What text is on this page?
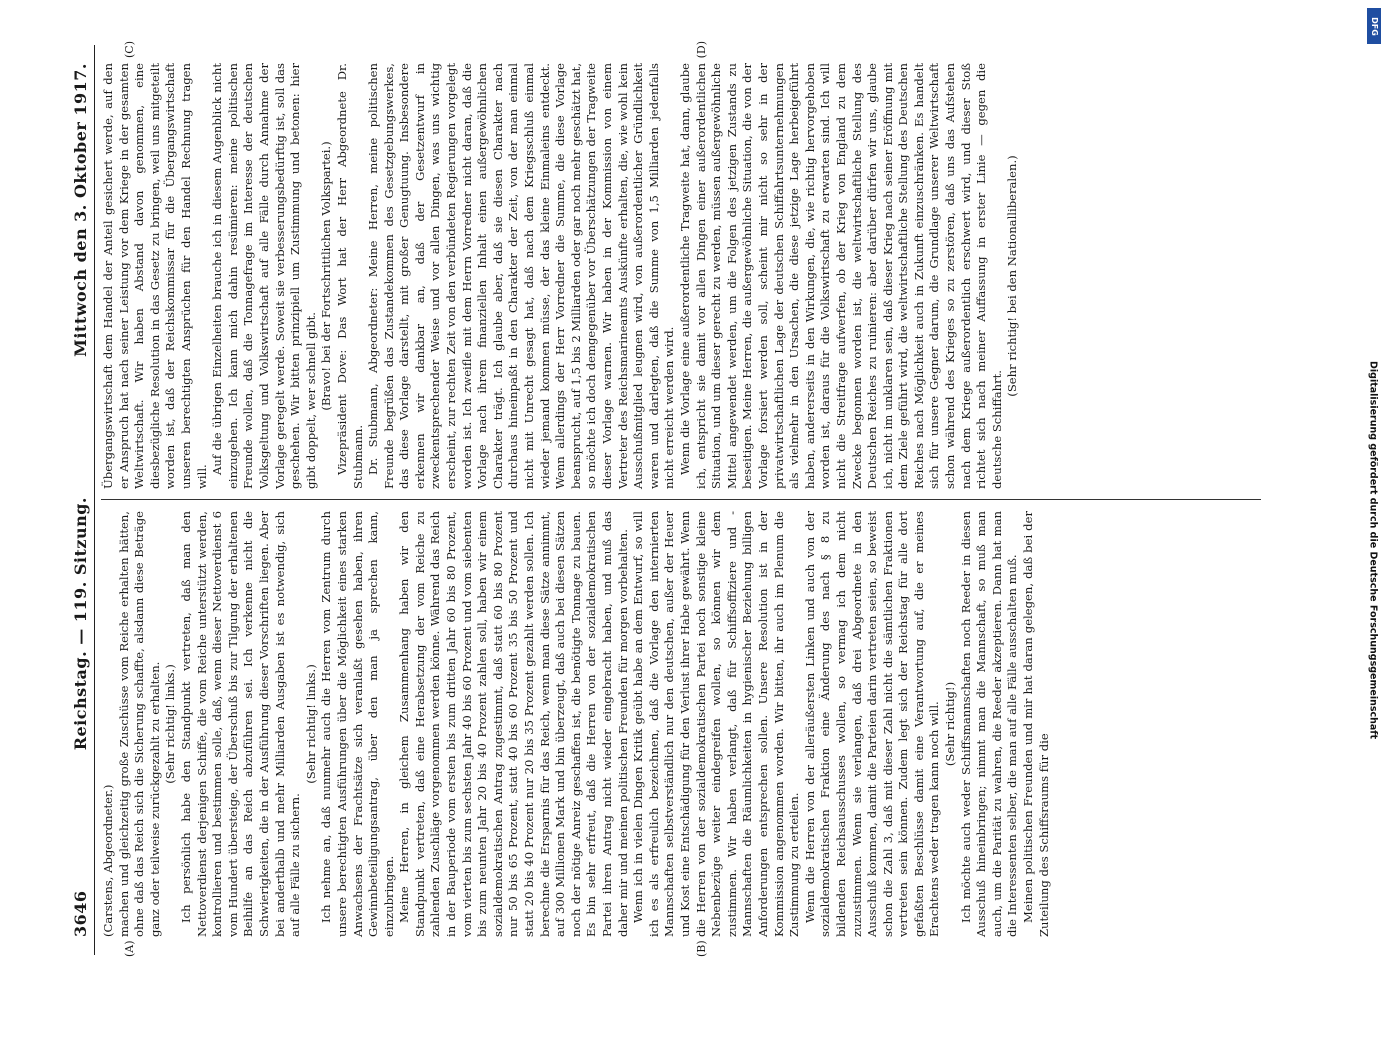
3646
Reichstag. — 119. Sitzung.
Mittwoch den 3. Oktober 1917.
(A)	(B)
(C)	(D)

(Carstens, Abgeordneter.) machen und gleichzeitig große Zuschüsse vom Reiche erhalten hätten, ohne daß das Reich sich die Sicherung schaffte, alsdann diese Beträge ganz oder teilweise zurückgezahlt zu erhalten. (Sehr richtig! links.) Ich persönlich habe den Standpunkt vertreten, daß man den Nettoverdienst derjenigen Schiffe, die vom Reiche unterstützt werden, kontrollieren und bestimmen solle, daß, wenn dieser Nettoverdienst 6 vom Hundert übersteige, der Überschuß bis zur Tilgung der erhaltenen Beihilfe an das Reich abzuführen sei. Ich verkenne nicht die Schwierigkeiten, die in der Ausführung dieser Vorschriften liegen. Aber bei anderthalb und mehr Milliarden Ausgaben ist es notwendig, sich auf alle Fälle zu sichern.

(Sehr richtig! links.) Ich nehme an, daß nunmehr auch die Herren vom Zentrum durch unsere berechtigten Ausführungen über die Möglichkeit eines starken Anwachsens der Frachtsätze sich veranlaßt gesehen haben, ihren Gewinnbeteiligungsantrag, über den man ja sprechen kann, einzubringen. Meine Herren, in gleichem Zusammenhang haben wir den Standpunkt vertreten, daß eine Herabsetzung der vom Reiche zu zahlenden Zuschläge vorgenommen werden könne. Während das Reich in der Bauperiode vom ersten bis zum dritten Jahr 60 bis 80 Prozent, vom vierten bis zum sechsten Jahr 40 bis 60 Prozent und vom siebenten bis zum neunten Jahr 20 bis 40 Prozent zahlen soll, haben wir einem sozialdemokratischen Antrag zugestimmt, daß statt 60 bis 80 Prozent nur 50 bis 65 Prozent, statt 40 bis 60 Prozent 35 bis 50 Prozent und statt 20 bis 40 Prozent nur 20 bis 35 Prozent gezahlt werden sollen. Ich berechne die Ersparnis für das Reich, wenn man diese Sätze annimmt, auf 300 Millionen Mark und bin überzeugt, daß auch bei diesen Sätzen noch der nötige Anreiz geschaffen ist, die benötigte Tonnage zu bauen. Es bin sehr erfreut, daß die Herren von der sozialdemokratischen Partei ihren Antrag nicht wieder eingebracht haben, und muß das daher mir und meinen politischen Freunden für morgen vorbehalten. Wenn ich in vielen Dingen Kritik geübt habe an dem Entwurf, so will ich es als erfreulich bezeichnen, daß die Vorlage den internierten Mannschaften selbstverständlich nur den deutschen, außer der Heuer und Kost eine Entschädigung für den Verlust ihrer Habe gewährt. Wenn die Herren von der sozialdemokratischen Partei noch sonstige kleine Nebenbezüge weiter eindegreifen wollen, so können wir dem zustimmen. Wir haben verlangt, daß für Schiffsoffiziere und -Mannschaften die Räumlichkeiten in hygienischer Beziehung billigen Anforderungen entsprechen sollen. Unsere Resolution ist in der Kommission angenommen worden. Wir bitten, ihr auch im Plenum die Zustimmung zu erteilen. Wenn die Herren von der alleräußersten Linken und auch von der sozialdemokratischen Fraktion eine Änderung des nach § 8 zu bildenden Reichsausschusses wollen, so vermag ich dem nicht zuzustimmen. Wenn sie verlangen, daß drei Abgeordnete in den Ausschuß kommen, damit die Parteien darin vertreten seien, so beweist schon die Zahl 3, daß mit dieser Zahl nicht die sämtlichen Fraktionen vertreten sein können. Zudem legt sich der Reichstag für alle dort gefaßten Beschlüsse damit eine Verantwortung auf, die er meines Erachtens weder tragen kann noch will. (Sehr richtig!) Ich möchte auch weder Schiffsmannschaften noch Reeder in diesen Ausschuß hineinbringen; nimmt man die Mannschaft, so muß man auch, um die Parität zu wahren, die Reeder akzeptieren. Dann hat man die Interessenten selber, die man auf alle Fälle ausschalten muß. Meinen politischen Freunden und mir hat daran gelegen, daß bei der Zuteilung des Schiffsraums für die

Übergangswirtschaft dem Handel der Anteil gesichert werde, auf den er Anspruch hat nach seiner Leistung vor dem Kriege in der gesamten Weltwirtschaft. Wir haben Abstand davon genommen, eine diesbezügliche Resolution in das Gesetz zu bringen, weil uns mitgeteilt worden ist, daß der Reichskommissar für die Übergangswirtschaft unseren berechtigten Ansprüchen für den Handel Rechnung tragen will.

Auf die übrigen Einzelheiten brauche ich in diesem Augenblick nicht einzugehen. Ich kann mich dahin resümieren: meine politischen Freunde wollen, daß die Tonnagefrage im Interesse der deutschen Volksgeltung und Volkswirtschaft auf alle Fälle durch Annahme der Vorlage geregelt werde. Soweit sie verbesserungsbedürftig ist, soll das geschehen. Wir bitten prinzipiell um Zustimmung und betonen: hier gibt doppelt, wer schnell gibt. (Bravo! bei der Fortschrittlichen Volkspartei.) Vizepräsident Dove: Das Wort hat der Herr Abgeordnete Dr. Stubmann. Dr. Stubmann, Abgeordneter: Meine Herren, meine politischen Freunde begrüßen das Zustandekommen des Gesetzgebungswerkes, das diese Vorlage darstellt, mit großer Genugtuung. Insbesondere erkennen wir dankbar an, daß der Gesetzentwurf in zweckentsprechender Weise und vor allen Dingen, was uns wichtig erscheint, zur rechten Zeit von den verbündeten Regierungen vorgelegt worden ist. Ich zweifle mit dem Herrn Vorredner nicht daran, daß die Vorlage nach ihrem finanziellen Inhalt einen außergewöhnlichen Charakter trägt. Ich glaube aber, daß sie diesen Charakter nach durchaus hineinpaßt in den Charakter der Zeit, von der man einmal nicht mit Unrecht gesagt hat, daß nach dem Kriegsschluß einmal wieder jemand kommen müsse, der das kleine Einmaleins entdeckt. Wenn allerdings der Herr Vorredner die Summe, die diese Vorlage beansprucht, auf 1,5 bis 2 Milliarden oder gar noch mehr geschätzt hat, so möchte ich doch demgegenüber vor Überschätzungen der Tragweite dieser Vorlage warnen. Wir haben in der Kommission von einem Vertreter des Reichsmarineamts Auskünfte erhalten, die, wie wohl kein Ausschußmitglied leugnen wird, von außerordentlicher Gründlichkeit waren und darlegten, daß die Summe von 1,5 Milliarden jedenfalls nicht erreicht werden wird. Wenn die Vorlage eine außerordentliche Tragweite hat, dann, glaube ich, entspricht sie damit vor allen Dingen einer außerordentlichen Situation, und um dieser gerecht zu werden, müssen außergewöhnliche Mittel angewendet werden, um die Folgen des jetzigen Zustands zu beseitigen. Meine Herren, die außergewöhnliche Situation, die von der Vorlage forsiert werden soll, scheint mir nicht so sehr in der privatwirtschaftlichen Lage der deutschen Schiffahrtsunternehmungen als vielmehr in den Ursachen, die diese jetzige Lage herbeigeführt haben, andererseits in den Wirkungen, die, wie richtig hervorgehoben worden ist, daraus für die Volkswirtschaft zu erwarten sind. Ich will nicht die Streitfrage aufwerfen, ob der Krieg von England zu dem Zwecke begonnen worden ist, die weltwirtschaftliche Stellung des Deutschen Reiches zu ruinieren: aber darüber dürfen wir uns, glaube ich, nicht im unklaren sein, daß dieser Krieg nach seiner Eröffnung mit dem Ziele geführt wird, die weltwirtschaftliche Stellung des Deutschen Reiches nach Möglichkeit auch in Zukunft einzuschränken. Es handelt sich für unsere Gegner darum, die Grundlage unserer Weltwirtschaft schon während des Krieges so zu zerstören, daß uns das Aufstehen nach dem Kriege außerordentlich erschwert wird, und dieser Stoß richtet sich nach meiner Auffassung in erster Linie — gegen die deutsche Schiffahrt.

(Sehr richtig! bei den Nationalliberalen.)

DFG
Digitalisierung gefördert durch die Deutsche Forschungsgemeinschaft
